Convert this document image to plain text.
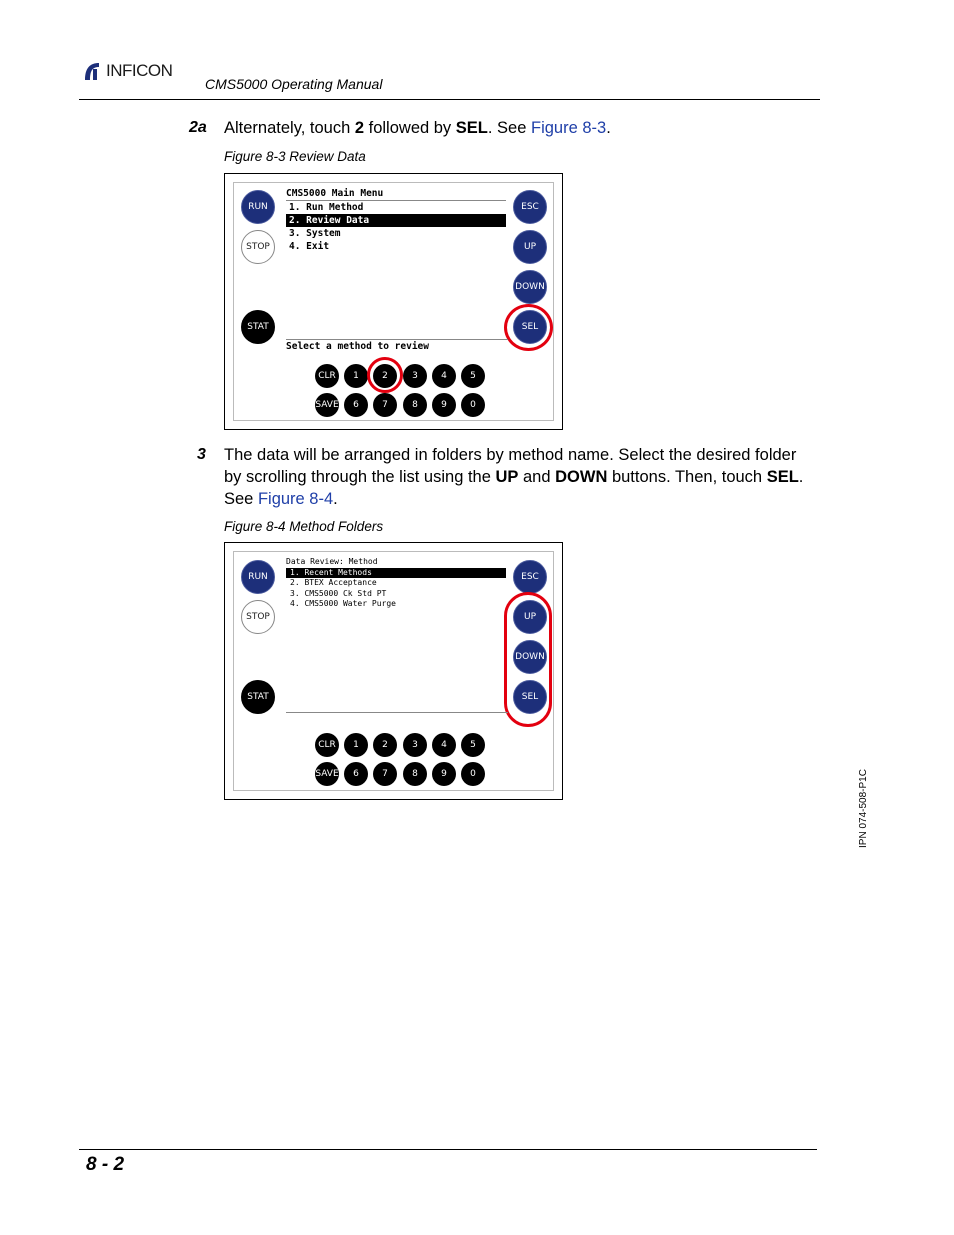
INFICON
CMS5000 Operating Manual
2a Alternately, touch 2 followed by SEL. See Figure 8-3.
Figure 8-3 Review Data
RUN
STOP
STAT
ESC
UP
DOWN
SEL
CMS5000 Main Menu
1. Run Method
2. Review Data
3. System
4. Exit
Select a method to review
CLR	1	2	3	4	5
SAVE	6	7	8	9	0
3 The data will be arranged in folders by method name. Select the desired folder
by scrolling through the list using the UP and DOWN buttons. Then, touch SEL.
See Figure 8-4.
Figure 8-4 Method Folders
RUN
STOP
STAT
ESC
UP
DOWN
SEL
Data Review: Method
1. Recent Methods
2. BTEX Acceptance
3. CMS5000 Ck Std PT
4. CMS5000 Water Purge
CLR	1	2	3	4	5
SAVE	6	7	8	9	0	IPN 074-508-P1C
8 - 2
